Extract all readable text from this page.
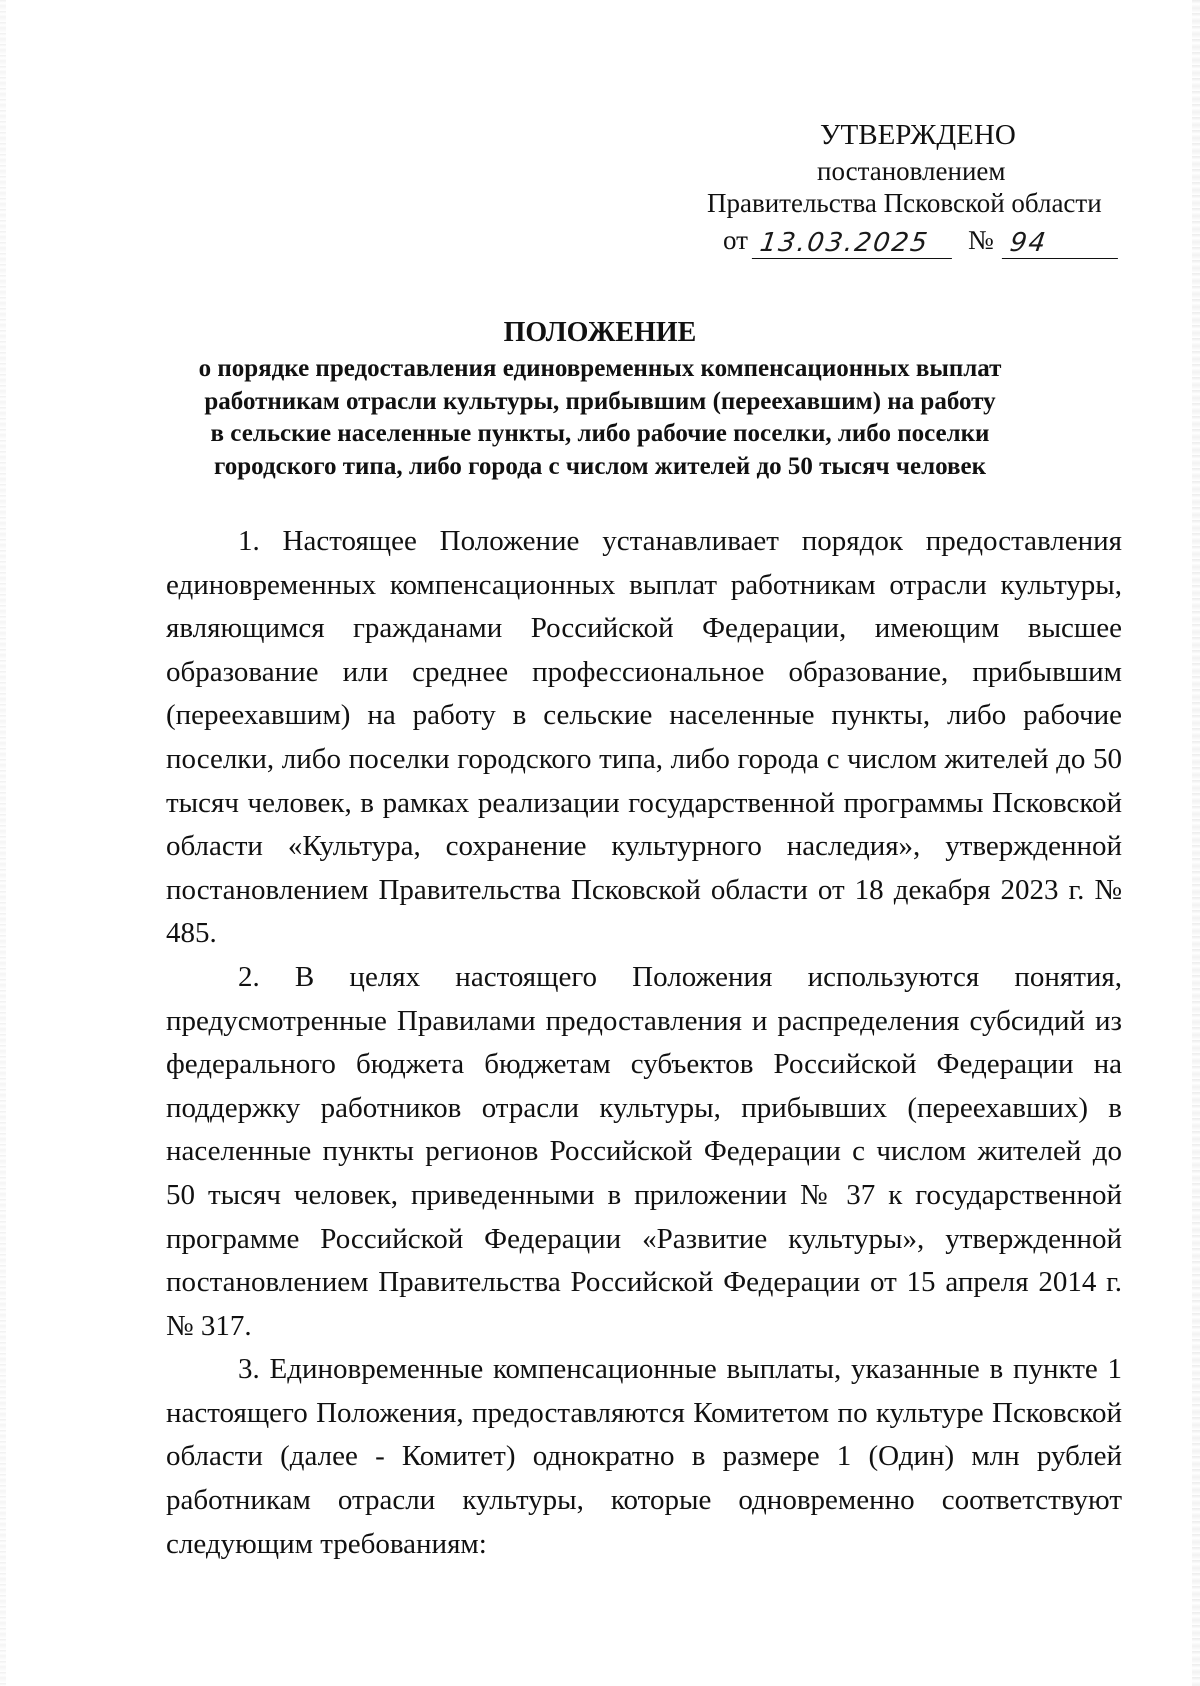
УТВЕРЖДЕНО
постановлением
Правительства Псковской области
от 13.03.2025	№ 94

ПОЛОЖЕНИЕ

о порядке предоставления единовременных компенсационных выплат

работникам отрасли культуры, прибывшим (переехавшим) на работу

в сельские населенные пункты, либо рабочие поселки, либо поселки

городского типа, либо города с числом жителей до 50 тысяч человек

1. Настоящее Положение устанавливает порядок предоставления единовременных компенсационных выплат работникам отрасли культуры, являющимся гражданами Российской Федерации, имеющим высшее образование или среднее профессиональное образование, прибывшим (переехавшим) на работу в сельские населенные пункты, либо рабочие поселки, либо поселки городского типа, либо города с числом жителей до 50 тысяч человек, в рамках реализации государственной программы Псковской области «Культура, сохранение культурного наследия», утвержденной постановлением Правительства Псковской области от 18 декабря 2023 г. № 485.

2. В целях настоящего Положения используются понятия, предусмотренные Правилами предоставления и распределения субсидий из федерального бюджета бюджетам субъектов Российской Федерации на поддержку работников отрасли культуры, прибывших (переехавших) в населенные пункты регионов Российской Федерации с числом жителей до 50 тысяч человек, приведенными в приложении № 37 к государственной программе Российской Федерации «Развитие культуры», утвержденной постановлением Правительства Российской Федерации от 15 апреля 2014 г. № 317.

3. Единовременные компенсационные выплаты, указанные в пункте 1 настоящего Положения, предоставляются Комитетом по культуре Псковской области (далее - Комитет) однократно в размере 1 (Один) млн рублей работникам отрасли культуры, которые одновременно соответствуют следующим требованиям:
